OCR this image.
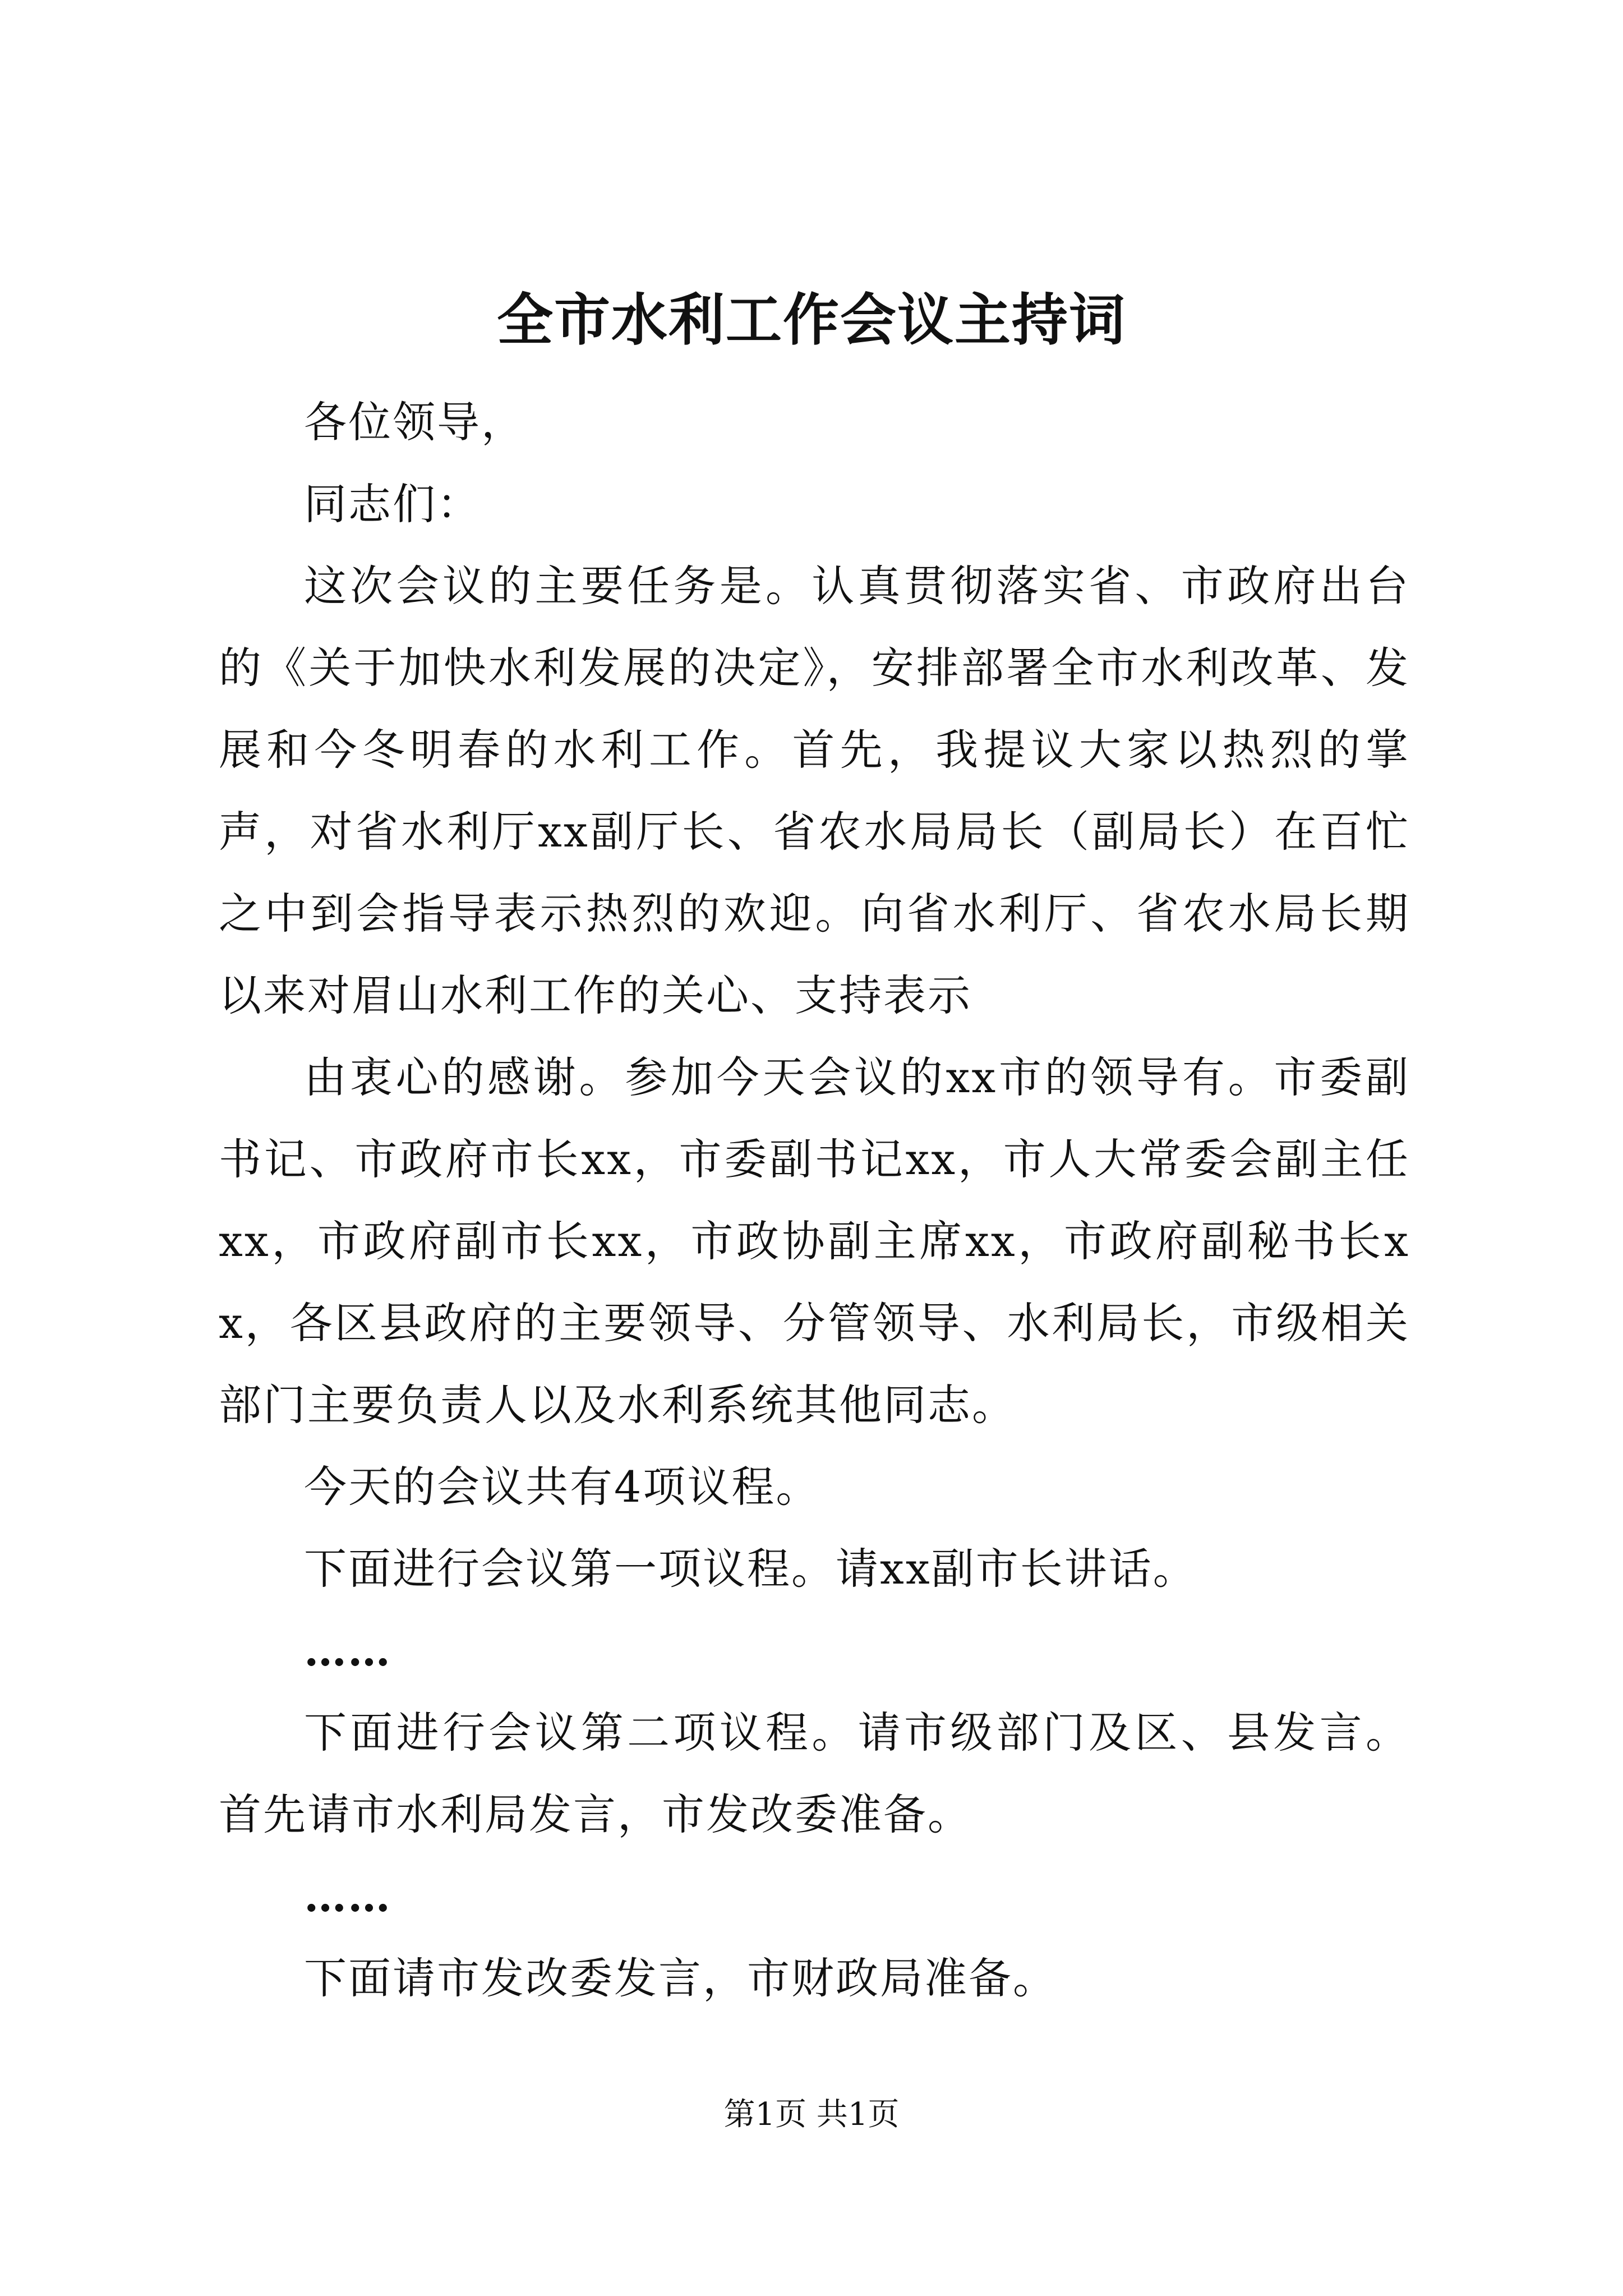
全市水利工作会议主持词

各位领导，

同志们：

这次会议的主要任务是。认真贯彻落实省、市政府出台的《关于加快水利发展的决定》，安排部署全市水利改革、发展和今冬明春的水利工作。首先，我提议大家以热烈的掌声，对省水利厅xx副厅长、省农水局局长（副局长）在百忙之中到会指导表示热烈的欢迎。向省水利厅、省农水局长期以来对眉山水利工作的关心、支持表示

由衷心的感谢。参加今天会议的xx市的领导有。市委副书记、市政府市长xx，市委副书记xx，市人大常委会副主任xx，市政府副市长xx，市政协副主席xx，市政府副秘书长xx，各区县政府的主要领导、分管领导、水利局长，市级相关部门主要负责人以及水利系统其他同志。

今天的会议共有4项议程。

下面进行会议第一项议程。请xx副市长讲话。

……

下面进行会议第二项议程。请市级部门及区、县发言。首先请市水利局发言，市发改委准备。

……

下面请市发改委发言，市财政局准备。

第1页 共1页
